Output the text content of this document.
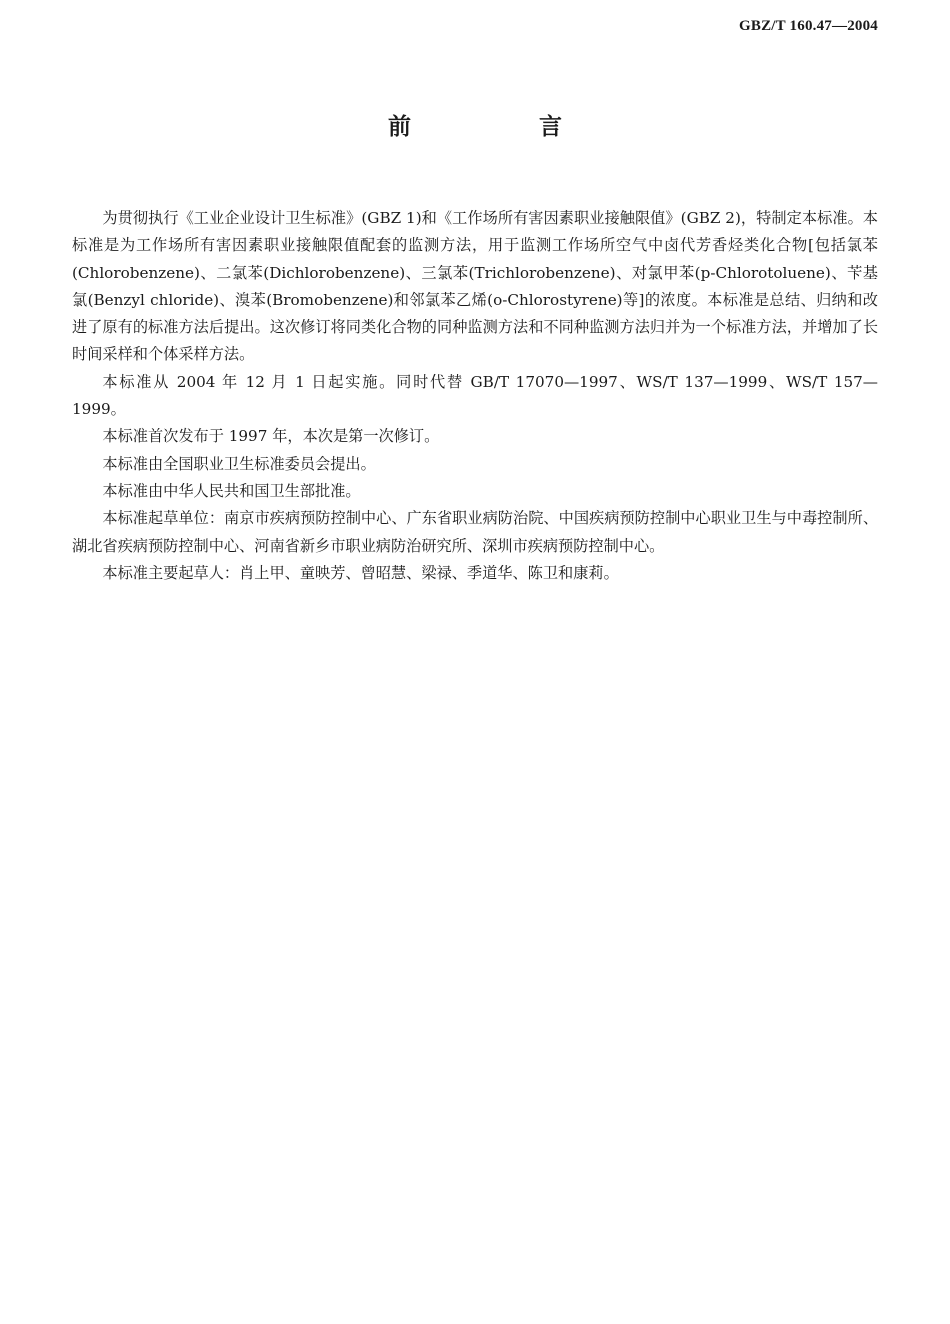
GBZ/T 160.47—2004
前 言

为贯彻执行《工业企业设计卫生标准》(GBZ 1)和《工作场所有害因素职业接触限值》(GBZ 2)，特制定本标准。本标准是为工作场所有害因素职业接触限值配套的监测方法，用于监测工作场所空气中卤代芳香烃类化合物[包括氯苯(Chlorobenzene)、二氯苯(Dichlorobenzene)、三氯苯(Trichlorobenzene)、对氯甲苯(p-Chlorotoluene)、苄基氯(Benzyl chloride)、溴苯(Bromobenzene)和邻氯苯乙烯(o-Chlorostyrene)等]的浓度。本标准是总结、归纳和改进了原有的标准方法后提出。这次修订将同类化合物的同种监测方法和不同种监测方法归并为一个标准方法，并增加了长时间采样和个体采样方法。

本标准从 2004 年 12 月 1 日起实施。同时代替 GB/T 17070—1997、WS/T 137—1999、WS/T 157—1999。

本标准首次发布于 1997 年，本次是第一次修订。

本标准由全国职业卫生标准委员会提出。

本标准由中华人民共和国卫生部批准。

本标准起草单位：南京市疾病预防控制中心、广东省职业病防治院、中国疾病预防控制中心职业卫生与中毒控制所、湖北省疾病预防控制中心、河南省新乡市职业病防治研究所、深圳市疾病预防控制中心。

本标准主要起草人：肖上甲、童映芳、曾昭慧、梁禄、季道华、陈卫和康莉。
